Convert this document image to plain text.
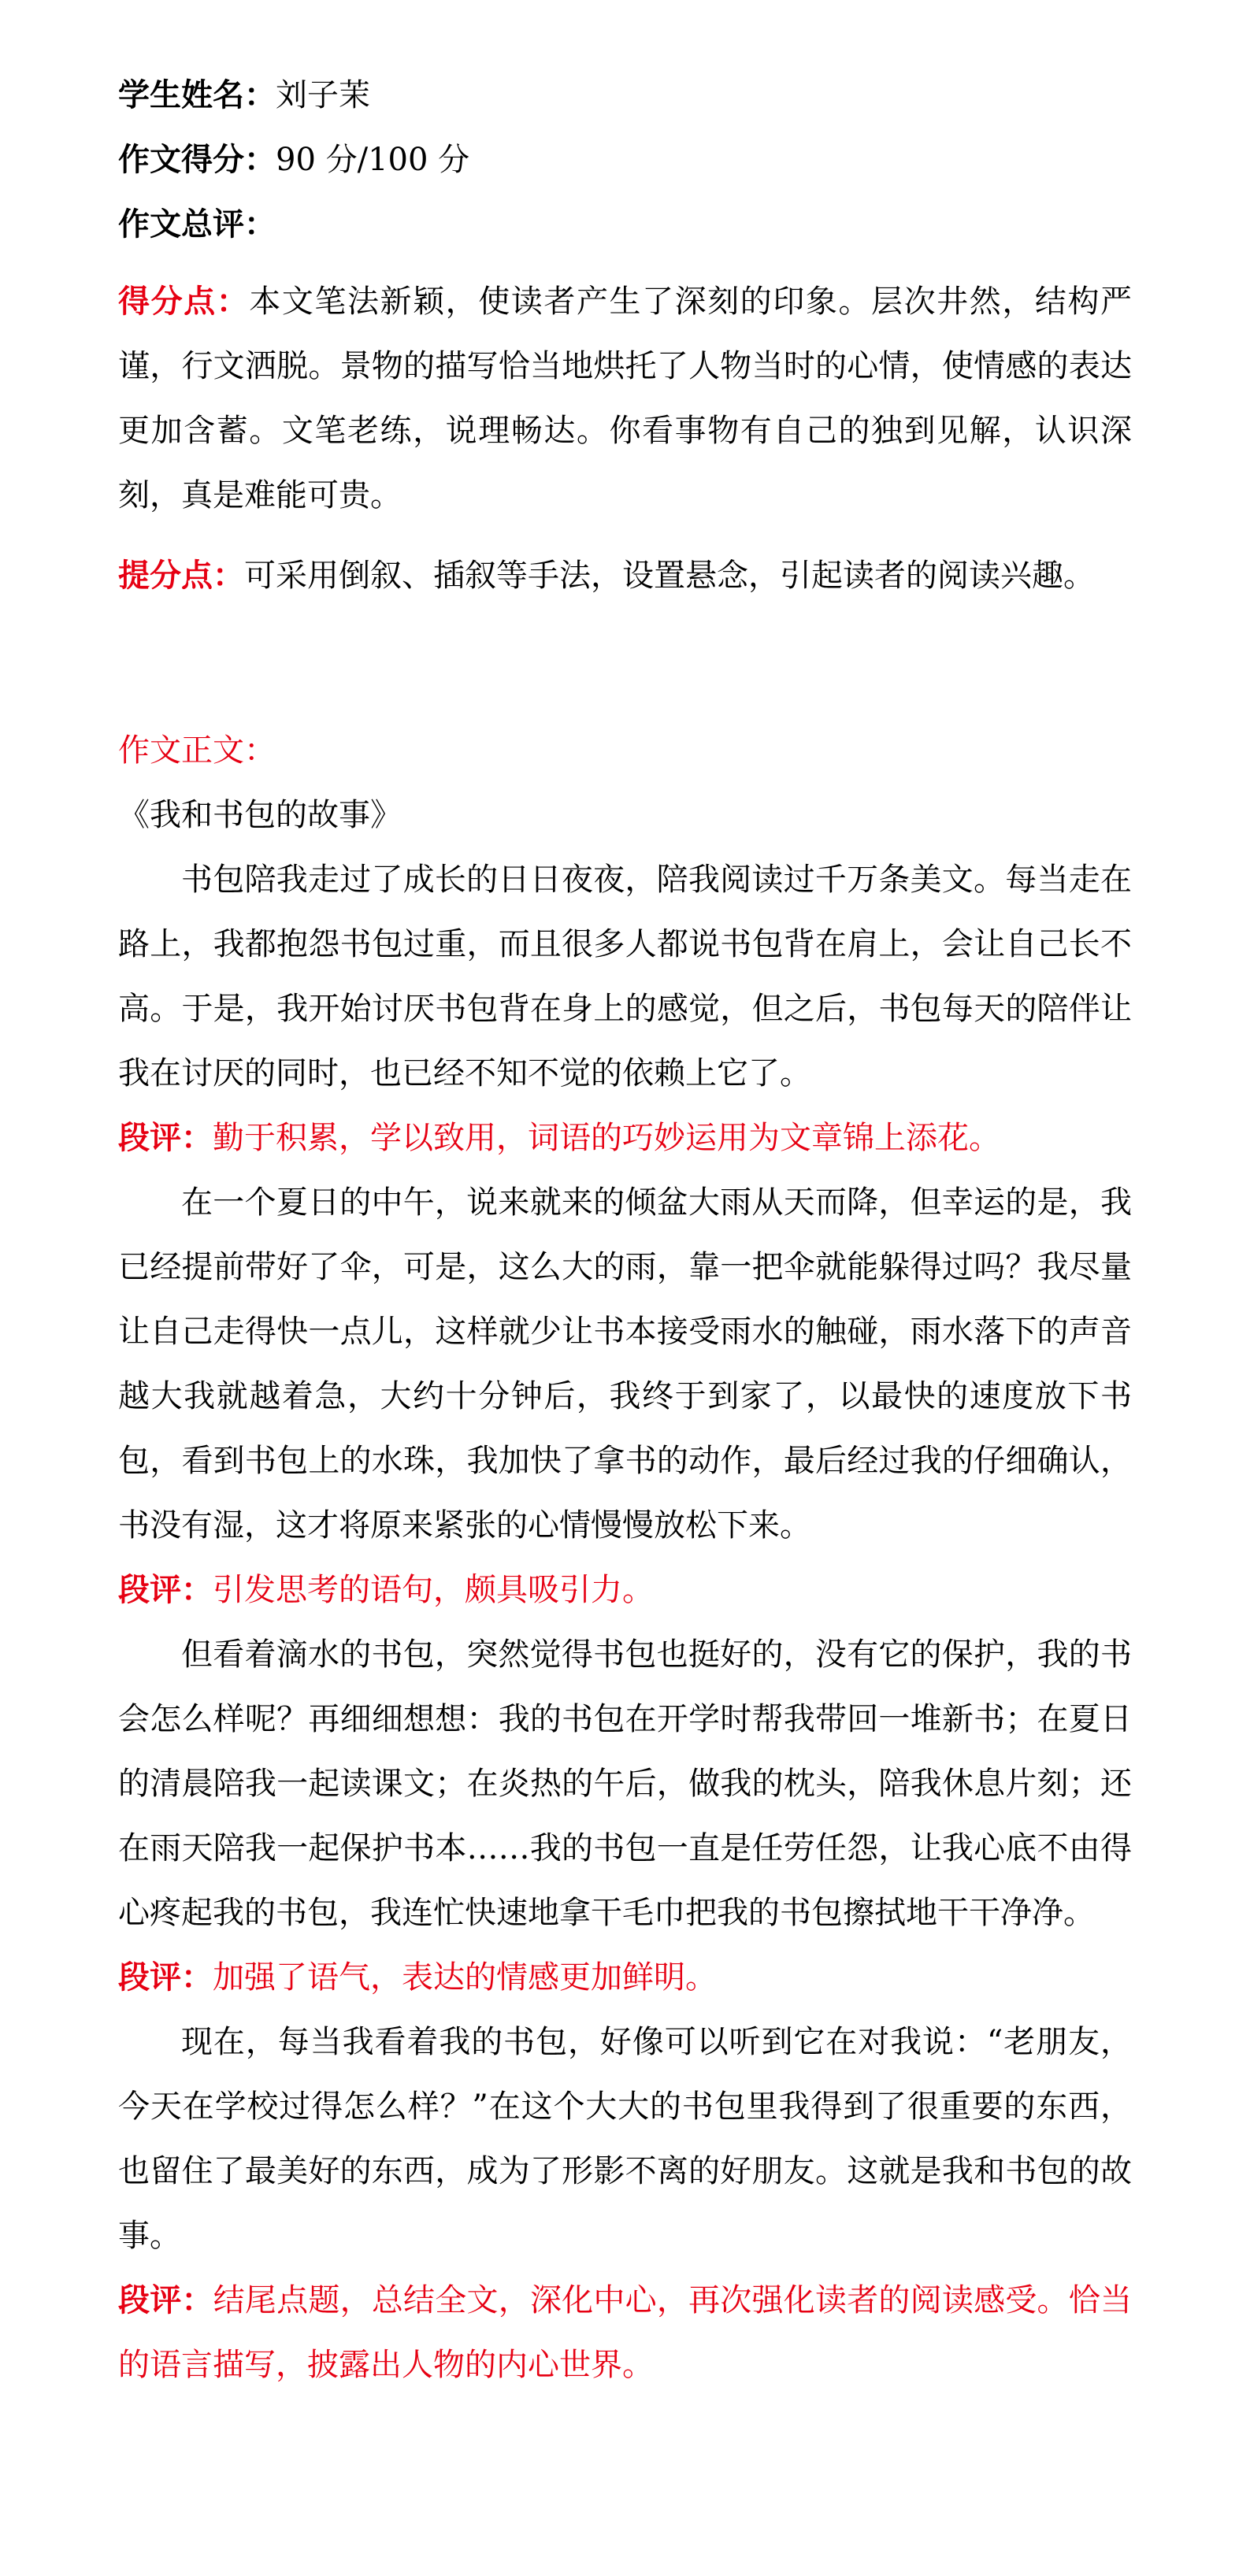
学生姓名：刘子茉
作文得分：90 分/100 分
作文总评：

得分点：本文笔法新颖，使读者产生了深刻的印象。层次井然，结构严谨，行文洒脱。景物的描写恰当地烘托了人物当时的心情，使情感的表达更加含蓄。文笔老练，说理畅达。你看事物有自己的独到见解，认识深刻，真是难能可贵。

提分点：可采用倒叙、插叙等手法，设置悬念，引起读者的阅读兴趣。

作文正文：

《我和书包的故事》

书包陪我走过了成长的日日夜夜，陪我阅读过千万条美文。每当走在路上，我都抱怨书包过重，而且很多人都说书包背在肩上，会让自己长不高。于是，我开始讨厌书包背在身上的感觉，但之后，书包每天的陪伴让我在讨厌的同时，也已经不知不觉的依赖上它了。

段评：勤于积累，学以致用，词语的巧妙运用为文章锦上添花。

在一个夏日的中午，说来就来的倾盆大雨从天而降，但幸运的是，我已经提前带好了伞，可是，这么大的雨，靠一把伞就能躲得过吗？我尽量让自己走得快一点儿，这样就少让书本接受雨水的触碰，雨水落下的声音越大我就越着急，大约十分钟后，我终于到家了，以最快的速度放下书包，看到书包上的水珠，我加快了拿书的动作，最后经过我的仔细确认，书没有湿，这才将原来紧张的心情慢慢放松下来。

段评：引发思考的语句，颇具吸引力。

但看着滴水的书包，突然觉得书包也挺好的，没有它的保护，我的书会怎么样呢？再细细想想：我的书包在开学时帮我带回一堆新书；在夏日的清晨陪我一起读课文；在炎热的午后，做我的枕头，陪我休息片刻；还在雨天陪我一起保护书本……我的书包一直是任劳任怨，让我心底不由得心疼起我的书包，我连忙快速地拿干毛巾把我的书包擦拭地干干净净。

段评：加强了语气，表达的情感更加鲜明。

现在，每当我看着我的书包，好像可以听到它在对我说：“老朋友，今天在学校过得怎么样？”在这个大大的书包里我得到了很重要的东西，也留住了最美好的东西，成为了形影不离的好朋友。这就是我和书包的故事。

段评：结尾点题，总结全文，深化中心，再次强化读者的阅读感受。恰当的语言描写，披露出人物的内心世界。
